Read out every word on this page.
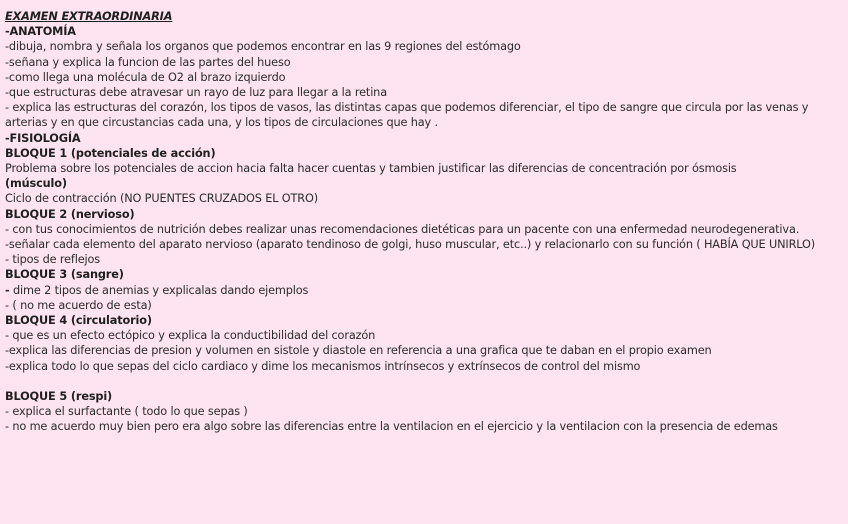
EXAMEN EXTRAORDINARIA
-ANATOMÍA
-dibuja, nombra y señala los organos que podemos encontrar en las 9 regiones del estómago
-señana y explica la funcion de las partes del hueso
-como llega una molécula de O2 al brazo izquierdo
-que estructuras debe atravesar un rayo de luz para llegar a la retina
- explica las estructuras del corazón, los tipos de vasos, las distintas capas que podemos diferenciar, el tipo de sangre que circula por las venas y arterias y en que circustancias cada una, y los tipos de circulaciones que hay .
-FISIOLOGÍA
BLOQUE 1 (potenciales de acción)
Problema sobre los potenciales de accion hacia falta hacer cuentas y tambien justificar las diferencias de concentración por ósmosis
(músculo)
Ciclo de contracción (NO PUENTES CRUZADOS EL OTRO)
BLOQUE 2 (nervioso)
- con tus conocimientos de nutrición debes realizar unas recomendaciones dietéticas para un pacente con una enfermedad neurodegenerativa.
-señalar cada elemento del aparato nervioso (aparato tendinoso de golgi, huso muscular, etc..) y relacionarlo con su función ( HABÍA QUE UNIRLO)
- tipos de reflejos
BLOQUE 3 (sangre)
- dime 2 tipos de anemias y explicalas dando ejemplos
- ( no me acuerdo de esta)
BLOQUE 4 (circulatorio)
- que es un efecto ectópico y explica la conductibilidad del corazón
-explica las diferencias de presion y volumen en sistole y diastole en referencia a una grafica que te daban en el propio examen
-explica todo lo que sepas del ciclo cardiaco y dime los mecanismos intrínsecos y extrínsecos de control del mismo
BLOQUE 5 (respi)
- explica el surfactante ( todo lo que sepas )
- no me acuerdo muy bien pero era algo sobre las diferencias entre la ventilacion en el ejercicio y la ventilacion con la presencia de edemas
